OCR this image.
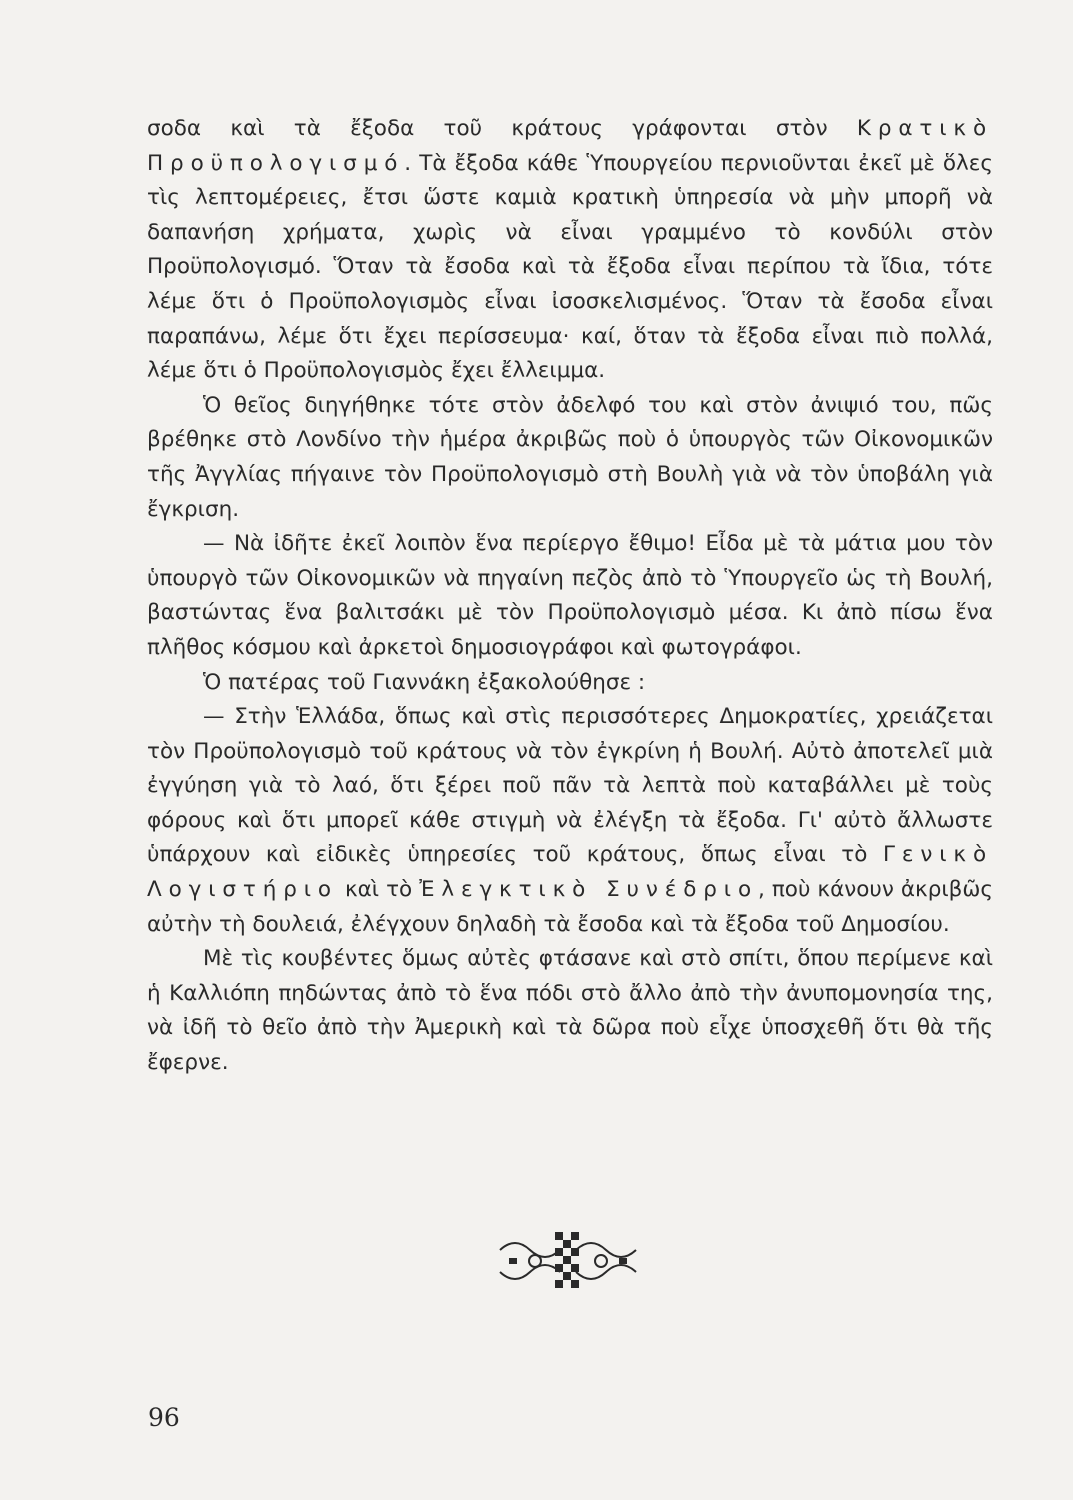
σοδα καὶ τὰ ἔξοδα τοῦ κράτους γράφονται στὸν Κρατικὸ Προϋπολογισμό. Τὰ ἔξοδα κάθε Ὑπουργείου περνιοῦνται ἐκεῖ μὲ ὅλες τὶς λεπτομέρειες, ἔτσι ὥστε καμιὰ κρατικὴ ὑπηρεσία νὰ μὴν μπορῆ νὰ δαπανήση χρήματα, χωρὶς νὰ εἶναι γραμμένο τὸ κονδύλι στὸν Προϋπολογισμό. Ὅταν τὰ ἔσοδα καὶ τὰ ἔξοδα εἶναι περίπου τὰ ἴδια, τότε λέμε ὅτι ὁ Προϋπολογισμὸς εἶναι ἰσοσκελισμένος. Ὅταν τὰ ἔσοδα εἶναι παραπάνω, λέμε ὅτι ἔχει περίσσευμα· καί, ὅταν τὰ ἔξοδα εἶναι πιὸ πολλά, λέμε ὅτι ὁ Προϋπολογισμὸς ἔχει ἔλλειμμα.

Ὁ θεῖος διηγήθηκε τότε στὸν ἀδελφό του καὶ στὸν ἀνιψιό του, πῶς βρέθηκε στὸ Λονδίνο τὴν ἡμέρα ἀκριβῶς ποὺ ὁ ὑπουργὸς τῶν Οἰκονομικῶν τῆς Ἀγγλίας πήγαινε τὸν Προϋπολογισμὸ στὴ Βουλὴ γιὰ νὰ τὸν ὑποβάλη γιὰ ἔγκριση.

— Νὰ ἰδῆτε ἐκεῖ λοιπὸν ἕνα περίεργο ἔθιμο! Εἶδα μὲ τὰ μάτια μου τὸν ὑπουργὸ τῶν Οἰκονομικῶν νὰ πηγαίνη πεζὸς ἀπὸ τὸ Ὑπουργεῖο ὡς τὴ Βουλή, βαστώντας ἕνα βαλιτσάκι μὲ τὸν Προϋπολογισμὸ μέσα. Κι ἀπὸ πίσω ἕνα πλῆθος κόσμου καὶ ἀρκετοὶ δημοσιογράφοι καὶ φωτογράφοι.

Ὁ πατέρας τοῦ Γιαννάκη ἐξακολούθησε :

— Στὴν Ἑλλάδα, ὅπως καὶ στὶς περισσότερες Δημοκρατίες, χρειάζεται τὸν Προϋπολογισμὸ τοῦ κράτους νὰ τὸν ἐγκρίνη ἡ Βουλή. Αὐτὸ ἀποτελεῖ μιὰ ἐγγύηση γιὰ τὸ λαό, ὅτι ξέρει ποῦ πᾶν τὰ λεπτὰ ποὺ καταβάλλει μὲ τοὺς φόρους καὶ ὅτι μπορεῖ κάθε στιγμὴ νὰ ἐλέγξη τὰ ἔξοδα. Γι' αὐτὸ ἄλλωστε ὑπάρχουν καὶ εἰδικὲς ὑπηρεσίες τοῦ κράτους, ὅπως εἶναι τὸ Γενικὸ Λογιστήριο καὶ τὸ Ἐλεγκτικὸ Συνέδριο, ποὺ κάνουν ἀκριβῶς αὐτὴν τὴ δουλειά, ἐλέγχουν δηλαδὴ τὰ ἔσοδα καὶ τὰ ἔξοδα τοῦ Δημοσίου.

Μὲ τὶς κουβέντες ὅμως αὐτὲς φτάσανε καὶ στὸ σπίτι, ὅπου περίμενε καὶ ἡ Καλλιόπη πηδώντας ἀπὸ τὸ ἕνα πόδι στὸ ἄλλο ἀπὸ τὴν ἀνυπομονησία της, νὰ ἰδῆ τὸ θεῖο ἀπὸ τὴν Ἀμερικὴ καὶ τὰ δῶρα ποὺ εἶχε ὑποσχεθῆ ὅτι θὰ τῆς ἔφερνε.

96
